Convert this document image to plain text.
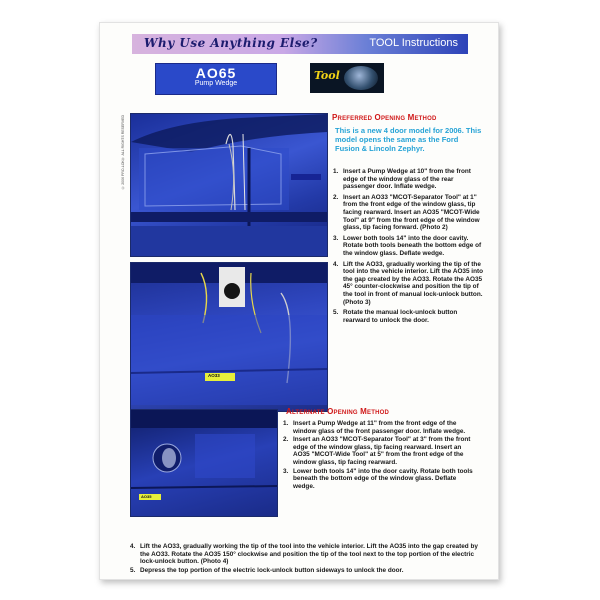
Why Use Anything Else?	TOOL Instructions
AO65
Pump Wedge
Tool
© 2006 PRO-LOK® ALL RIGHTS RESERVED
AO33
AO35
Preferred Opening Method
This is a new 4 door model for 2006. This model opens the same as the Ford Fusion & Lincoln Zephyr.
1. Insert a Pump Wedge at 10" from the front edge of the window glass of the rear passenger door. Inflate wedge.
2. Insert an AO33 "MCOT-Separator Tool" at 1" from the front edge of the window glass, tip facing rearward. Insert an AO35 "MCOT-Wide Tool" at 9" from the front edge of the window glass, tip facing forward. (Photo 2)
3. Lower both tools 14" into the door cavity. Rotate both tools beneath the bottom edge of the window glass. Deflate wedge.
4. Lift the AO33, gradually working the tip of the tool into the vehicle interior. Lift the AO35 into the gap created by the AO33. Rotate the AO35 45° counter-clockwise and position the tip of the tool in front of manual lock-unlock button. (Photo 3)
5. Rotate the manual lock-unlock button rearward to unlock the door.
Alternate Opening Method
1. Insert a Pump Wedge at 11" from the front edge of the window glass of the front passenger door. Inflate wedge.
2. Insert an AO33 "MCOT-Separator Tool" at 3" from the front edge of the window glass, tip facing rearward. Insert an AO35 "MCOT-Wide Tool" at 5" from the front edge of the window glass, tip facing rearward.
3. Lower both tools 14" into the door cavity. Rotate both tools beneath the bottom edge of the window glass. Deflate wedge.
4. Lift the AO33, gradually working the tip of the tool into the vehicle interior. Lift the AO35 into the gap created by the AO33. Rotate the AO35 150° clockwise and position the tip of the tool next to the top portion of the electric lock-unlock button. (Photo 4)
5. Depress the top portion of the electric lock-unlock button sideways to unlock the door.
